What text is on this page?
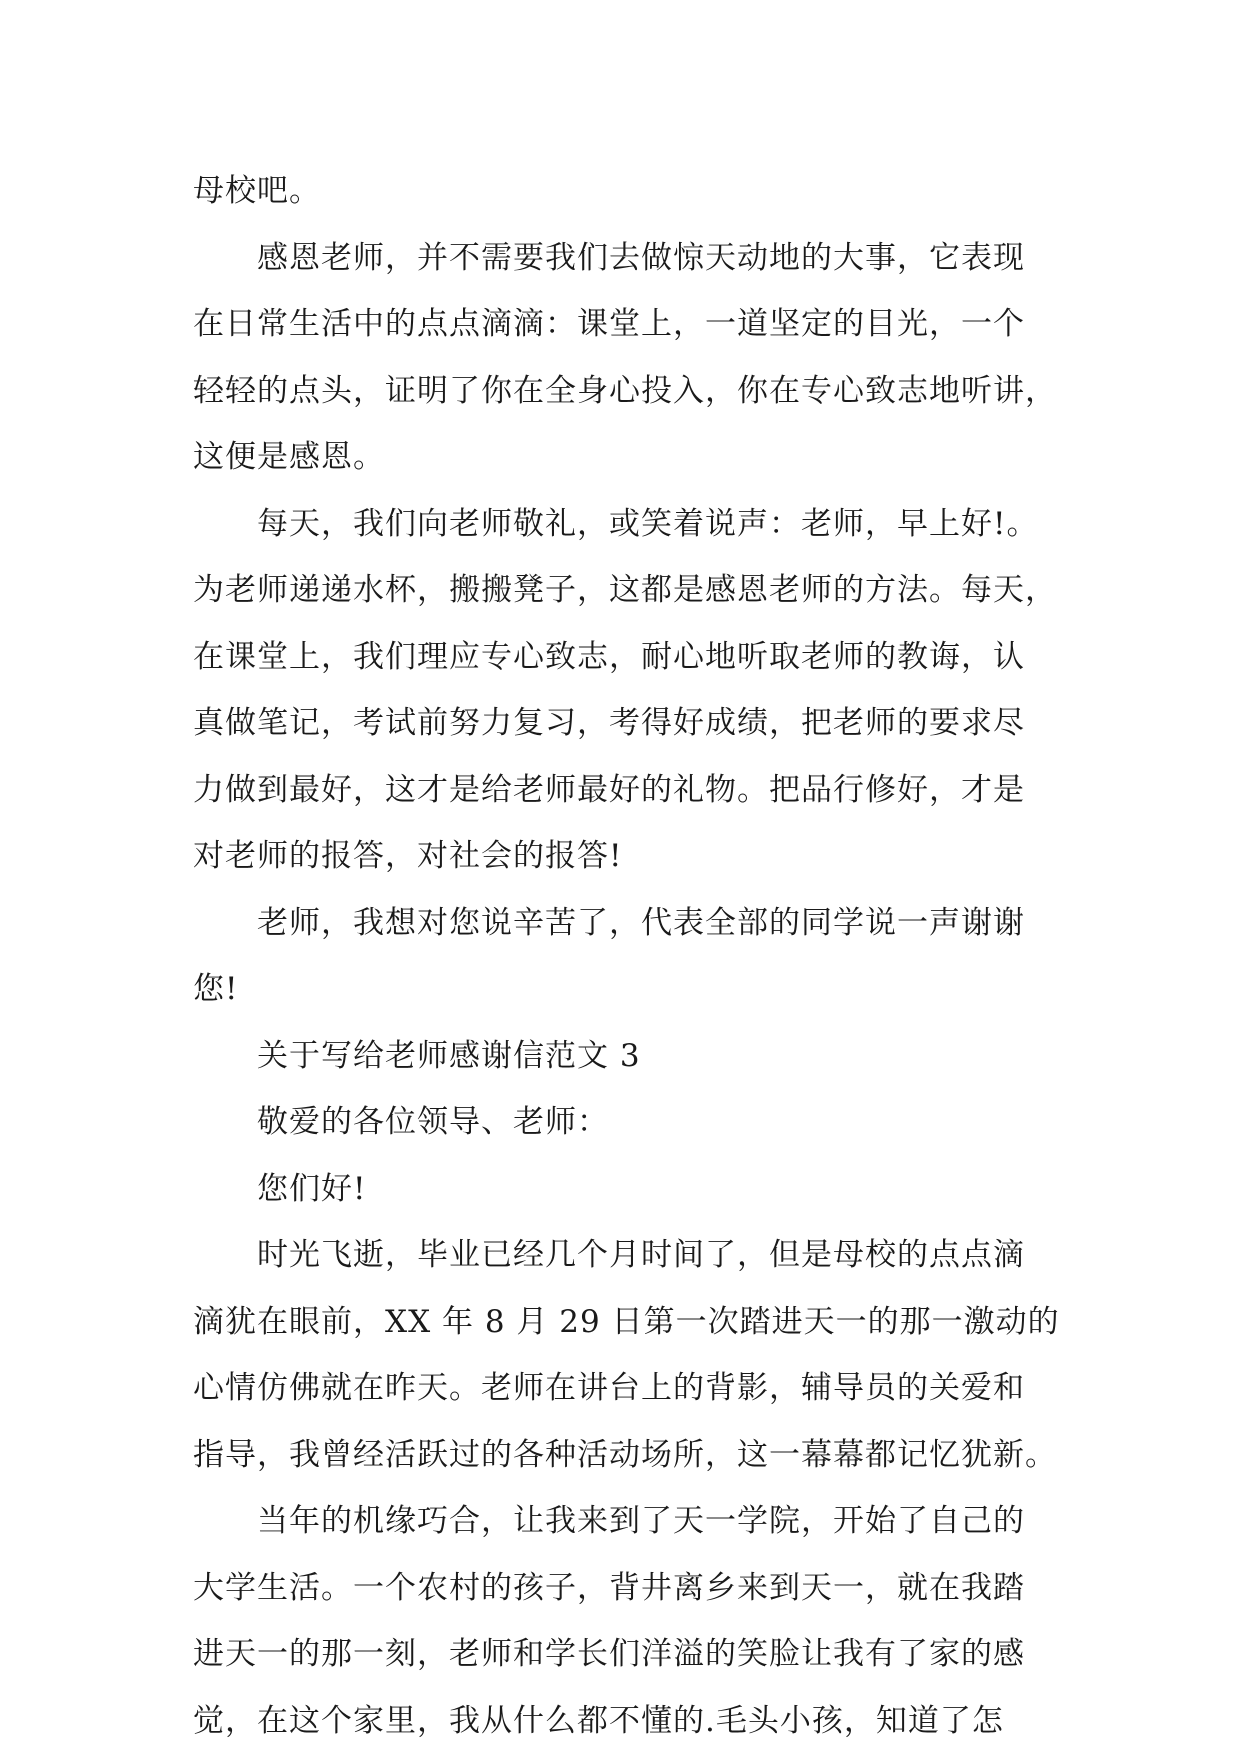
母校吧。
感恩老师，并不需要我们去做惊天动地的大事，它表现
在日常生活中的点点滴滴：课堂上，一道坚定的目光，一个
轻轻的点头，证明了你在全身心投入，你在专心致志地听讲，
这便是感恩。
每天，我们向老师敬礼，或笑着说声：老师，早上好!。
为老师递递水杯，搬搬凳子，这都是感恩老师的方法。每天，
在课堂上，我们理应专心致志，耐心地听取老师的教诲，认
真做笔记，考试前努力复习，考得好成绩，把老师的要求尽
力做到最好，这才是给老师最好的礼物。把品行修好，才是
对老师的报答，对社会的报答!
老师，我想对您说辛苦了，代表全部的同学说一声谢谢
您!
关于写给老师感谢信范文 3
敬爱的各位领导、老师：
您们好!
时光飞逝，毕业已经几个月时间了，但是母校的点点滴
滴犹在眼前，XX 年 8 月 29 日第一次踏进天一的那一激动的
心情仿佛就在昨天。老师在讲台上的背影，辅导员的关爱和
指导，我曾经活跃过的各种活动场所，这一幕幕都记忆犹新。
当年的机缘巧合，让我来到了天一学院，开始了自己的
大学生活。一个农村的孩子，背井离乡来到天一，就在我踏
进天一的那一刻，老师和学长们洋溢的笑脸让我有了家的感
觉，在这个家里，我从什么都不懂的.毛头小孩，知道了怎
